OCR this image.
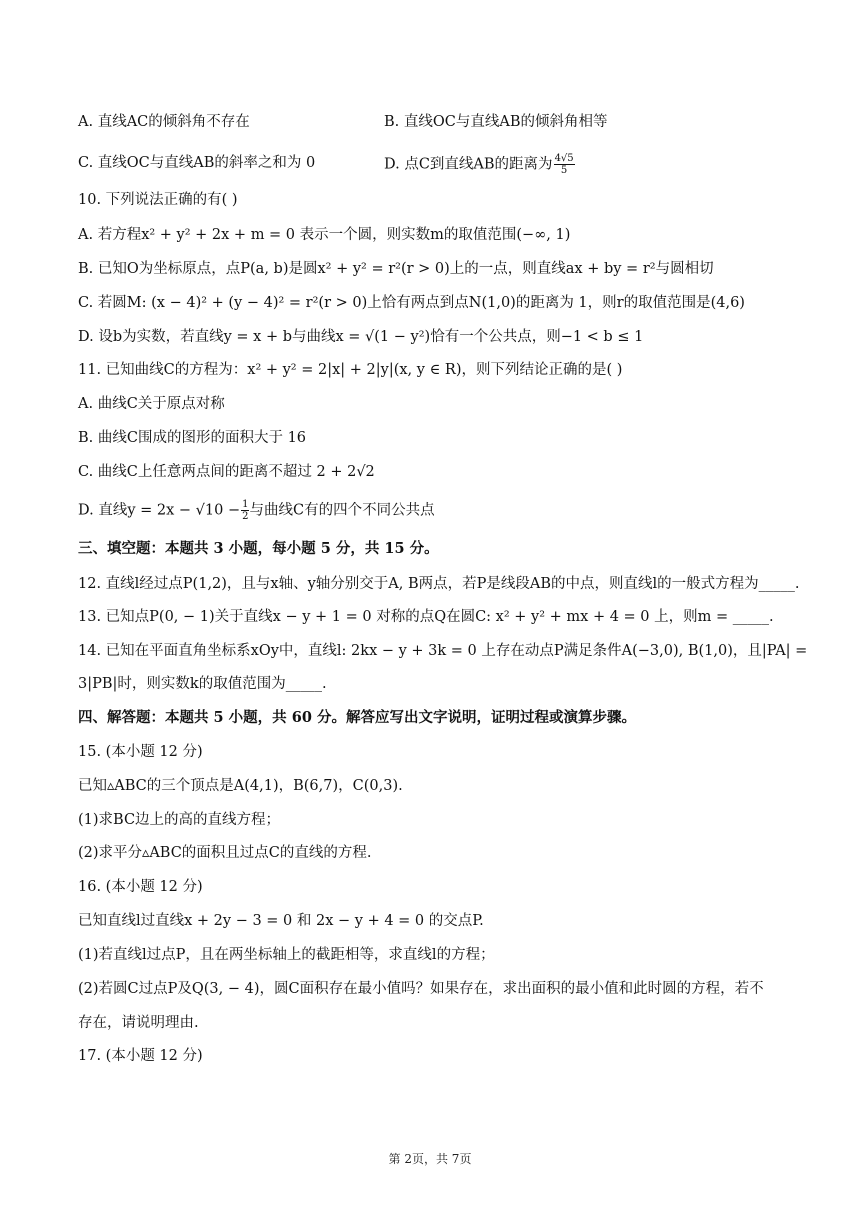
A. 直线AC的倾斜角不存在	B. 直线OC与直线AB的倾斜角相等
C. 直线OC与直线AB的斜率之和为 0	D. 点C到直线AB的距离为 $\frac{4√5}{5}$
10. 下列说法正确的有( )
A. 若方程x² + y² + 2x + m = 0 表示一个圆，则实数m的取值范围(−∞, 1)
B. 已知O为坐标原点，点P(a, b)是圆x² + y² = r²(r > 0)上的一点，则直线ax + by = r²与圆相切
C. 若圆M: (x − 4)² + (y − 4)² = r²(r > 0)上恰有两点到点N(1,0)的距离为 1，则r的取值范围是(4,6)
D. 设b为实数，若直线y = x + b与曲线x = √(1 − y²)恰有一个公共点，则−1 < b ≤ 1
11. 已知曲线C的方程为：x² + y² = 2|x| + 2|y|(x, y ∈ R)，则下列结论正确的是( )
A. 曲线C关于原点对称
B. 曲线C围成的图形的面积大于 16
C. 曲线C上任意两点间的距离不超过 2 + 2√2
D. 直线$y = 2x - √10 - \frac{1}{2}$ 与曲线C有的四个不同公共点
三、填空题：本题共 3 小题，每小题 5 分，共 15 分。
12. 直线l经过点P(1,2)，且与x轴、y轴分别交于A, B两点，若P是线段AB的中点，则直线l的一般式方程为_____.
13. 已知点P(0, − 1)关于直线x − y + 1 = 0 对称的点Q在圆C: x² + y² + mx + 4 = 0 上，则m = _____.
14. 已知在平面直角坐标系xOy中，直线l: 2kx − y + 3k = 0 上存在动点P满足条件A(−3,0), B(1,0)，且|PA| =
3|PB|时，则实数k的取值范围为_____.
四、解答题：本题共 5 小题，共 60 分。解答应写出文字说明，证明过程或演算步骤。
15. (本小题 12 分)
已知▵ABC的三个顶点是A(4,1)，B(6,7)，C(0,3).
(1)求BC边上的高的直线方程；
(2)求平分▵ABC的面积且过点C的直线的方程.
16. (本小题 12 分)
已知直线l过直线x + 2y − 3 = 0 和 2x − y + 4 = 0 的交点P.
(1)若直线l过点P，且在两坐标轴上的截距相等，求直线l的方程；
(2)若圆C过点P及Q(3, − 4)，圆C面积存在最小值吗？如果存在，求出面积的最小值和此时圆的方程，若不
存在，请说明理由.
17. (本小题 12 分)
第 2页，共 7页
